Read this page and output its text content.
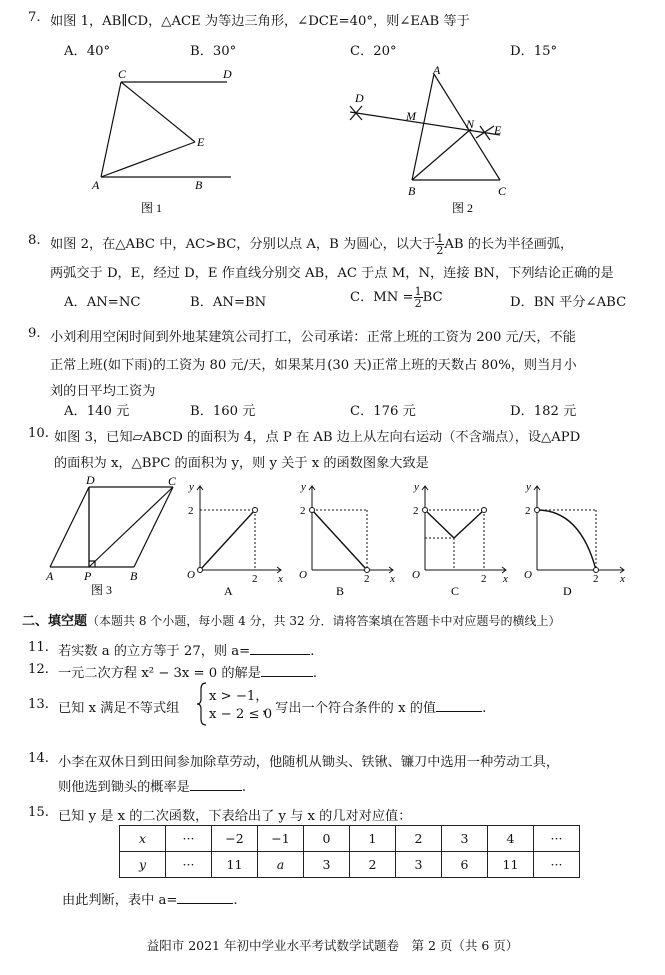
7. 如图 1，AB∥CD，△ACE 为等边三角形，∠DCE=40°，则∠EAB 等于
A．40°	B．30°	C．20°	D．15°
C	D
E
A	B
图 1
A
D
M
N E
B	C
图 2
8. 如图 2，在△ABC 中，AC>BC，分别以点 A，B 为圆心，以大于 $\frac{1}{2}$ AB 的长为半径画弧，
两弧交于 D，E，经过 D，E 作直线分别交 AB，AC 于点 M，N，连接 BN，下列结论正确的是
A．AN=NC	B．AN=BN	C．MN = $\frac{1}{2}$ BC	D．BN 平分∠ABC
9. 小刘利用空闲时间到外地某建筑公司打工，公司承诺：正常上班的工资为 200 元/天，不能
正常上班(如下雨)的工资为 80 元/天，如果某月(30 天)正常上班的天数占 80%，则当月小
刘的日平均工资为
A．140 元	B．160 元	C．176 元	D．182 元
10. 如图 3，已知▱ABCD 的面积为 4，点 P 在 AB 边上从左向右运动（不含端点），设△APD
的面积为 x，△BPC 的面积为 y，则 y 关于 x 的函数图象大致是
D	C
A	P	B
图 3
y
2
O	2 x
A
y
2
O	2 x
B
y
2
O	2 x
C
y
2
O	2 x
D
二、填空题（本题共 8 个小题，每小题 4 分，共 32 分．请将答案填在答题卡中对应题号的横线上）
11. 若实数 a 的立方等于 27，则 a=	.
12. 一元二次方程 x² − 3x = 0 的解是	.
13. 已知 x 满足不等式组
x > −1，
x − 2 ≤ 0
，写出一个符合条件的 x 的值	.
14. 小李在双休日到田间参加除草劳动，他随机从锄头、铁锹、镰刀中选用一种劳动工具，
则他选到锄头的概率是	.
15. 已知 y 是 x 的二次函数，下表给出了 y 与 x 的几对对应值：
x	···	−2	−1	0	1	2	3	4	···
y	···	11	a	3	2	3	6	11	···
由此判断，表中 a=	.
益阳市 2021 年初中学业水平考试数学试题卷　第 2 页（共 6 页）
